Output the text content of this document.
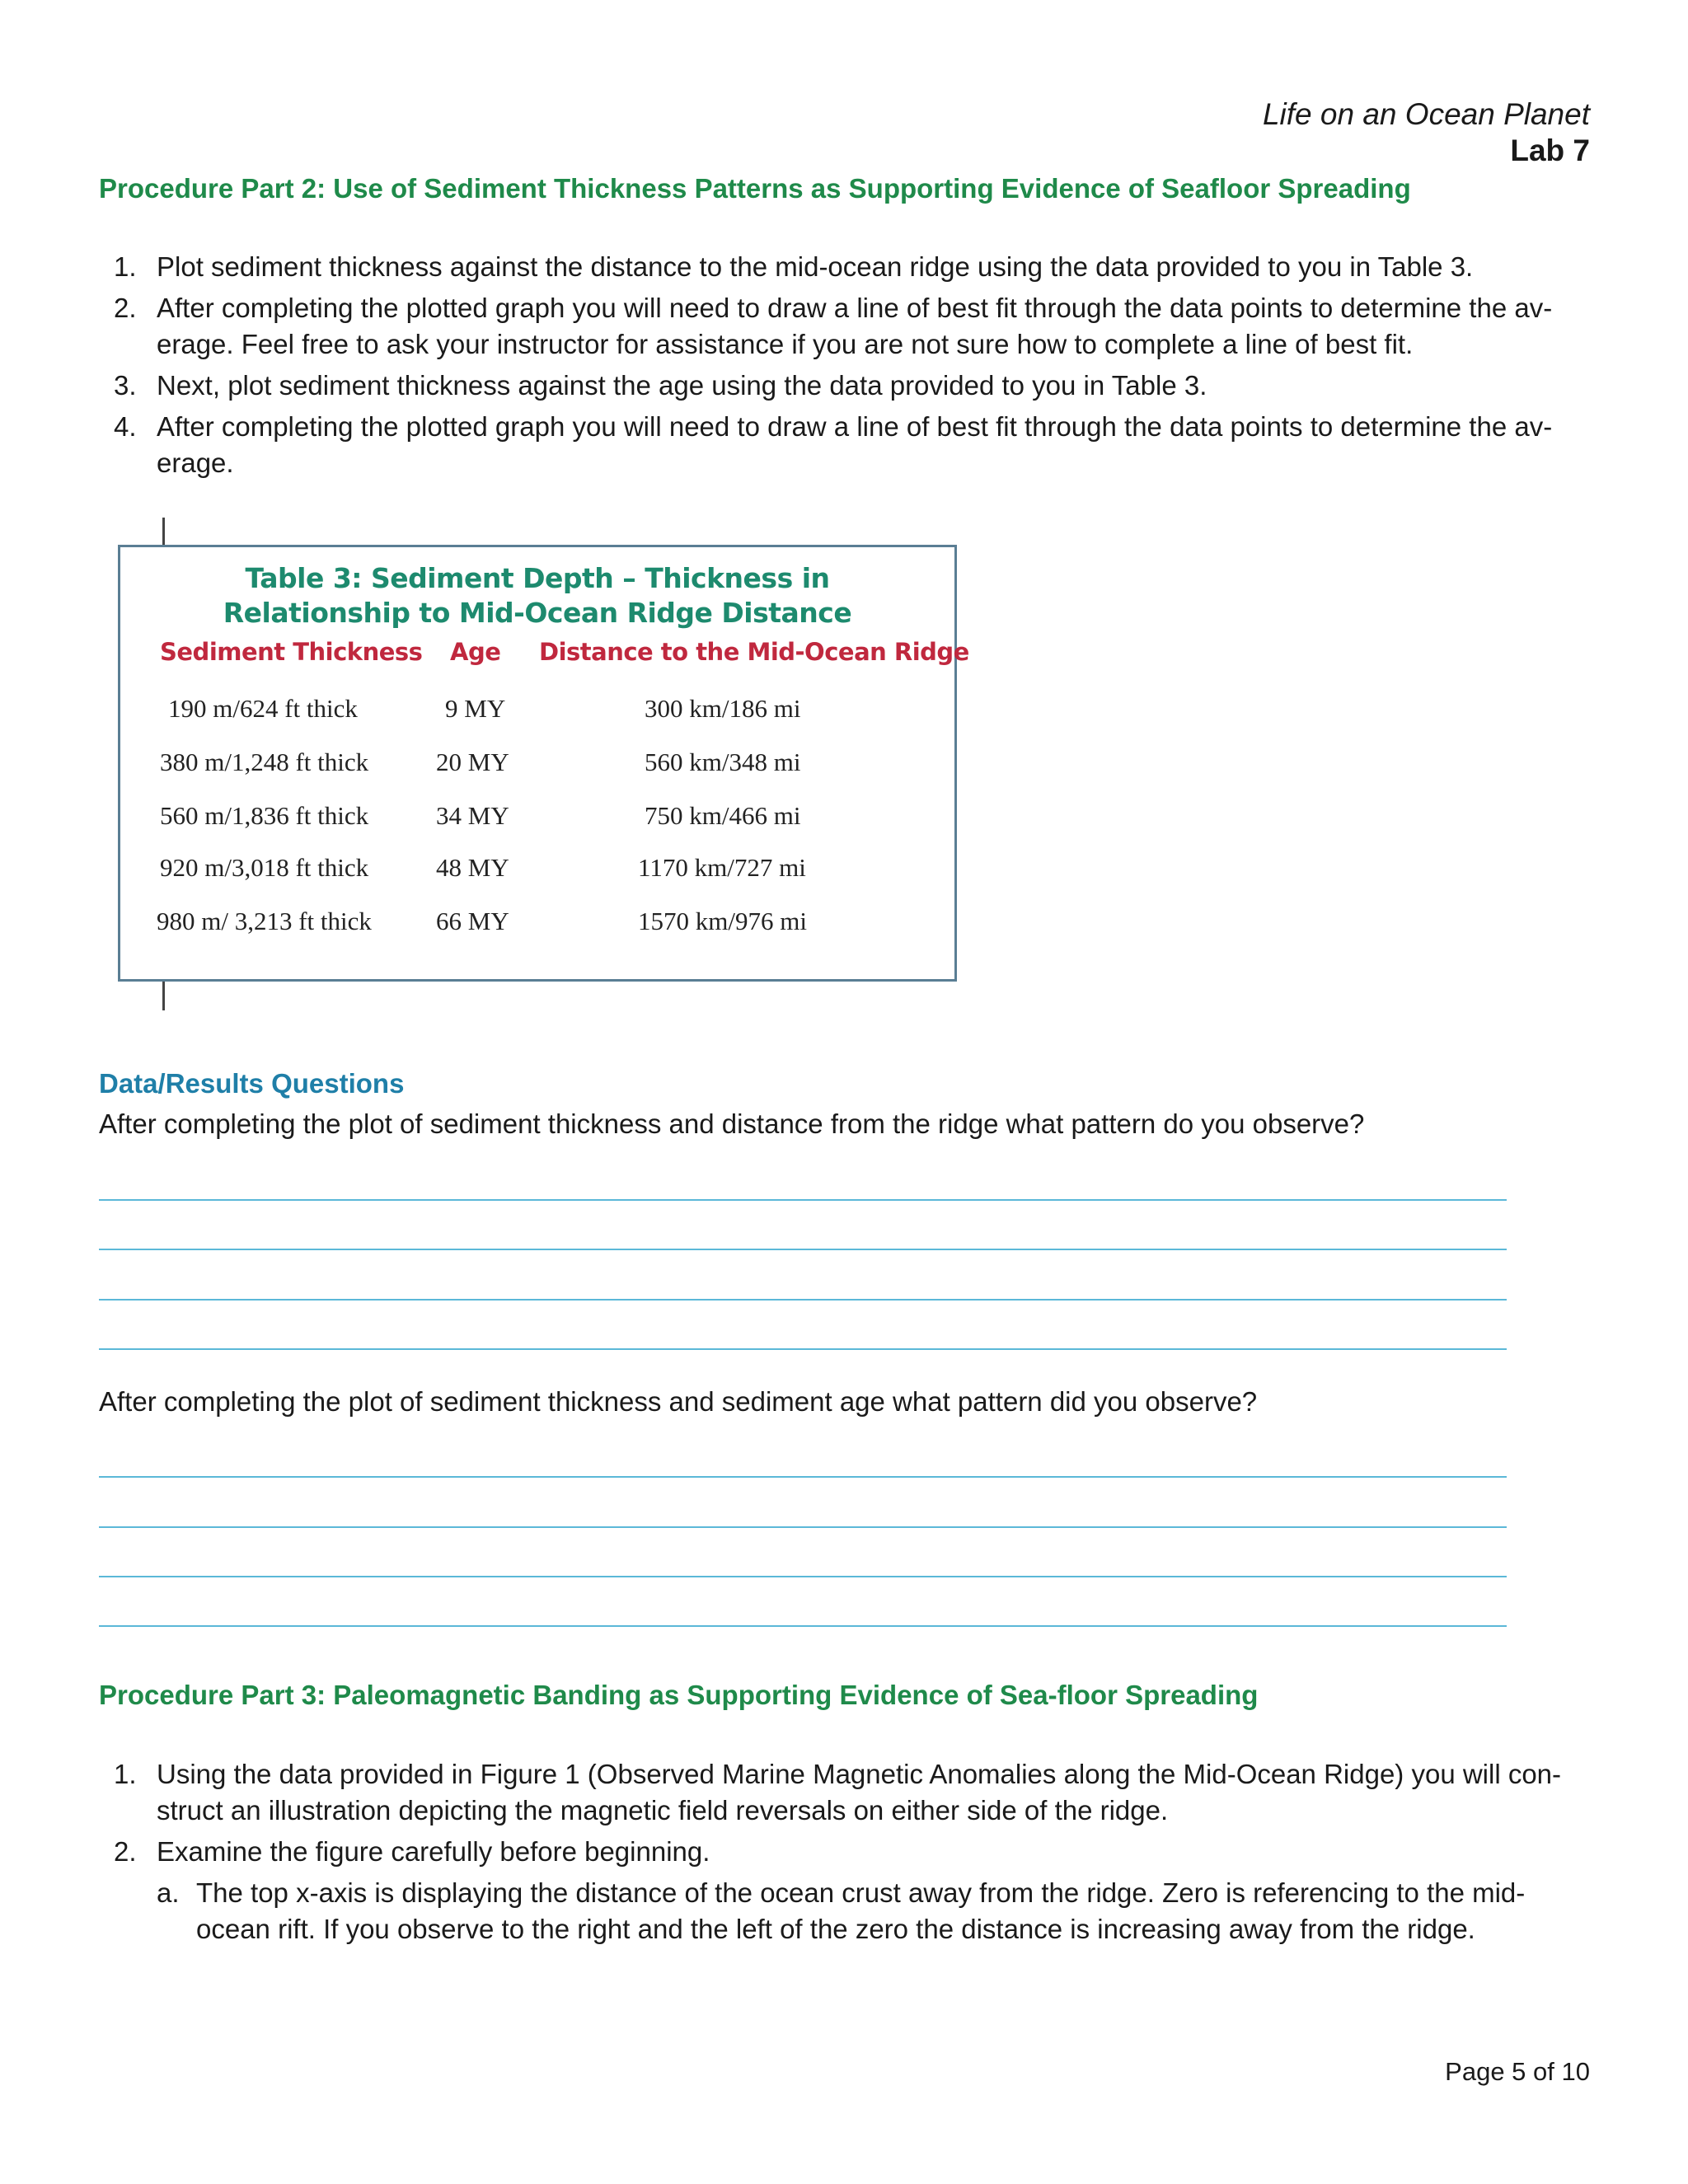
Life on an Ocean Planet
Lab 7
Procedure Part 2: Use of Sediment Thickness Patterns as Supporting Evidence of Seafloor Spreading
1. Plot sediment thickness against the distance to the mid-ocean ridge using the data provided to you in Table 3.
2. After completing the plotted graph you will need to draw a line of best fit through the data points to determine the av-
erage. Feel free to ask your instructor for assistance if you are not sure how to complete a line of best fit.
3. Next, plot sediment thickness against the age using the data provided to you in Table 3.
4. After completing the plotted graph you will need to draw a line of best fit through the data points to determine the av-
erage.
Table 3: Sediment Depth – Thickness in
Relationship to Mid-Ocean Ridge Distance
Sediment Thickness Age Distance to the Mid-Ocean Ridge
190 m/624 ft thick	9 MY	300 km/186 mi
380 m/1,248 ft thick	20 MY	560 km/348 mi
560 m/1,836 ft thick	34 MY	750 km/466 mi
920 m/3,018 ft thick	48 MY	1170 km/727 mi
980 m/ 3,213 ft thick	66 MY	1570 km/976 mi
Data/Results Questions
After completing the plot of sediment thickness and distance from the ridge what pattern do you observe?
After completing the plot of sediment thickness and sediment age what pattern did you observe?
Procedure Part 3: Paleomagnetic Banding as Supporting Evidence of Sea-floor Spreading
1. Using the data provided in Figure 1 (Observed Marine Magnetic Anomalies along the Mid-Ocean Ridge) you will con-
struct an illustration depicting the magnetic field reversals on either side of the ridge.
2. Examine the figure carefully before beginning.
a. The top x-axis is displaying the distance of the ocean crust away from the ridge. Zero is referencing to the mid-
ocean rift. If you observe to the right and the left of the zero the distance is increasing away from the ridge.
Page 5 of 10
